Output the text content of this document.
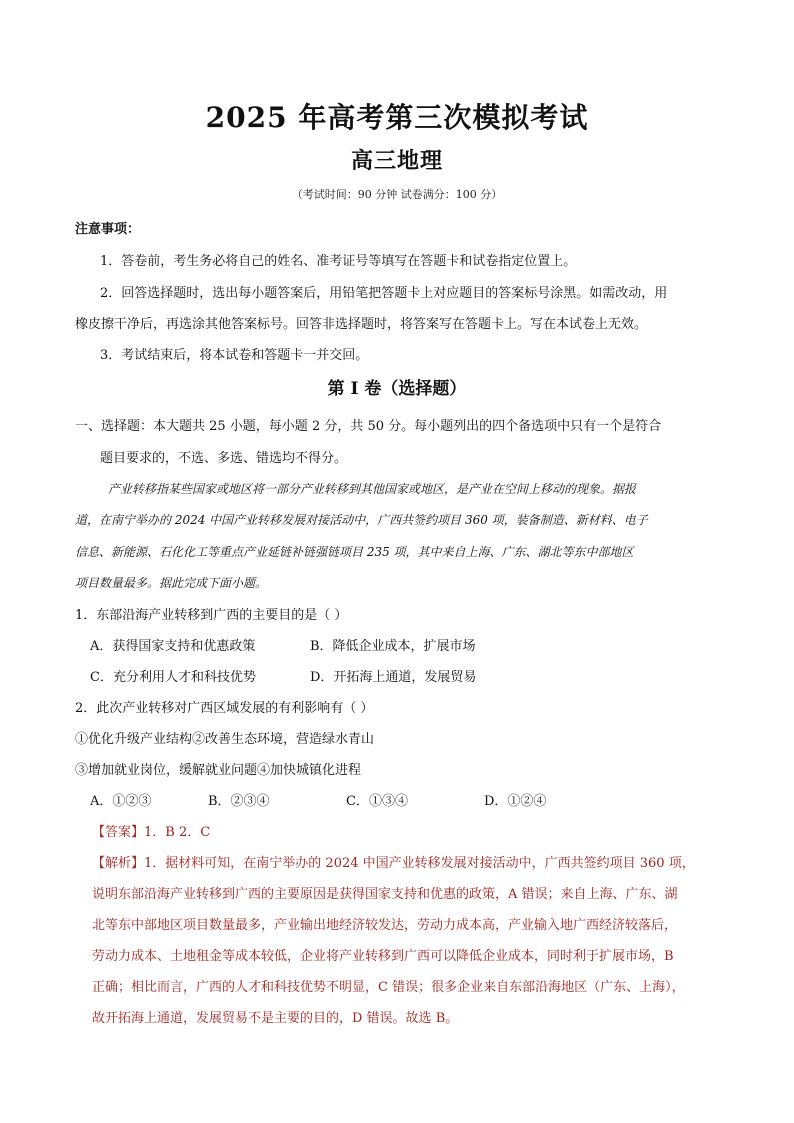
2025 年高考第三次模拟考试
高三地理
（考试时间：90 分钟 试卷满分：100 分）
注意事项：
1．答卷前，考生务必将自己的姓名、准考证号等填写在答题卡和试卷指定位置上。
2．回答选择题时，选出每小题答案后，用铅笔把答题卡上对应题目的答案标号涂黑。如需改动，用
橡皮擦干净后，再选涂其他答案标号。回答非选择题时，将答案写在答题卡上。写在本试卷上无效。
3．考试结束后，将本试卷和答题卡一并交回。
第 I 卷（选择题）
一、选择题：本大题共 25 小题，每小题 2 分，共 50 分。每小题列出的四个备选项中只有一个是符合
题目要求的，不选、多选、错选均不得分。
产业转移指某些国家或地区将一部分产业转移到其他国家或地区，是产业在空间上移动的现象。据报
道，在南宁举办的 2024 中国产业转移发展对接活动中，广西共签约项目 360 项，装备制造、新材料、电子
信息、新能源、石化化工等重点产业延链补链强链项目 235 项，其中来自上海、广东、湖北等东中部地区
项目数量最多。据此完成下面小题。
1．东部沿海产业转移到广西的主要目的是（ ）
A．获得国家支持和优惠政策	B．降低企业成本，扩展市场
C．充分利用人才和科技优势	D．开拓海上通道，发展贸易
2．此次产业转移对广西区域发展的有利影响有（ ）
①优化升级产业结构②改善生态环境，营造绿水青山
③增加就业岗位，缓解就业问题④加快城镇化进程
A．①②③	B．②③④	C．①③④	D．①②④
【答案】1．B 2．C
【解析】1．据材料可知，在南宁举办的 2024 中国产业转移发展对接活动中，广西共签约项目 360 项，
说明东部沿海产业转移到广西的主要原因是获得国家支持和优惠的政策，A 错误；来自上海、广东、湖
北等东中部地区项目数量最多，产业输出地经济较发达，劳动力成本高，产业输入地广西经济较落后，
劳动力成本、土地租金等成本较低，企业将产业转移到广西可以降低企业成本，同时利于扩展市场，B
正确；相比而言，广西的人才和科技优势不明显，C 错误；很多企业来自东部沿海地区（广东、上海），
故开拓海上通道，发展贸易不是主要的目的，D 错误。故选 B。
